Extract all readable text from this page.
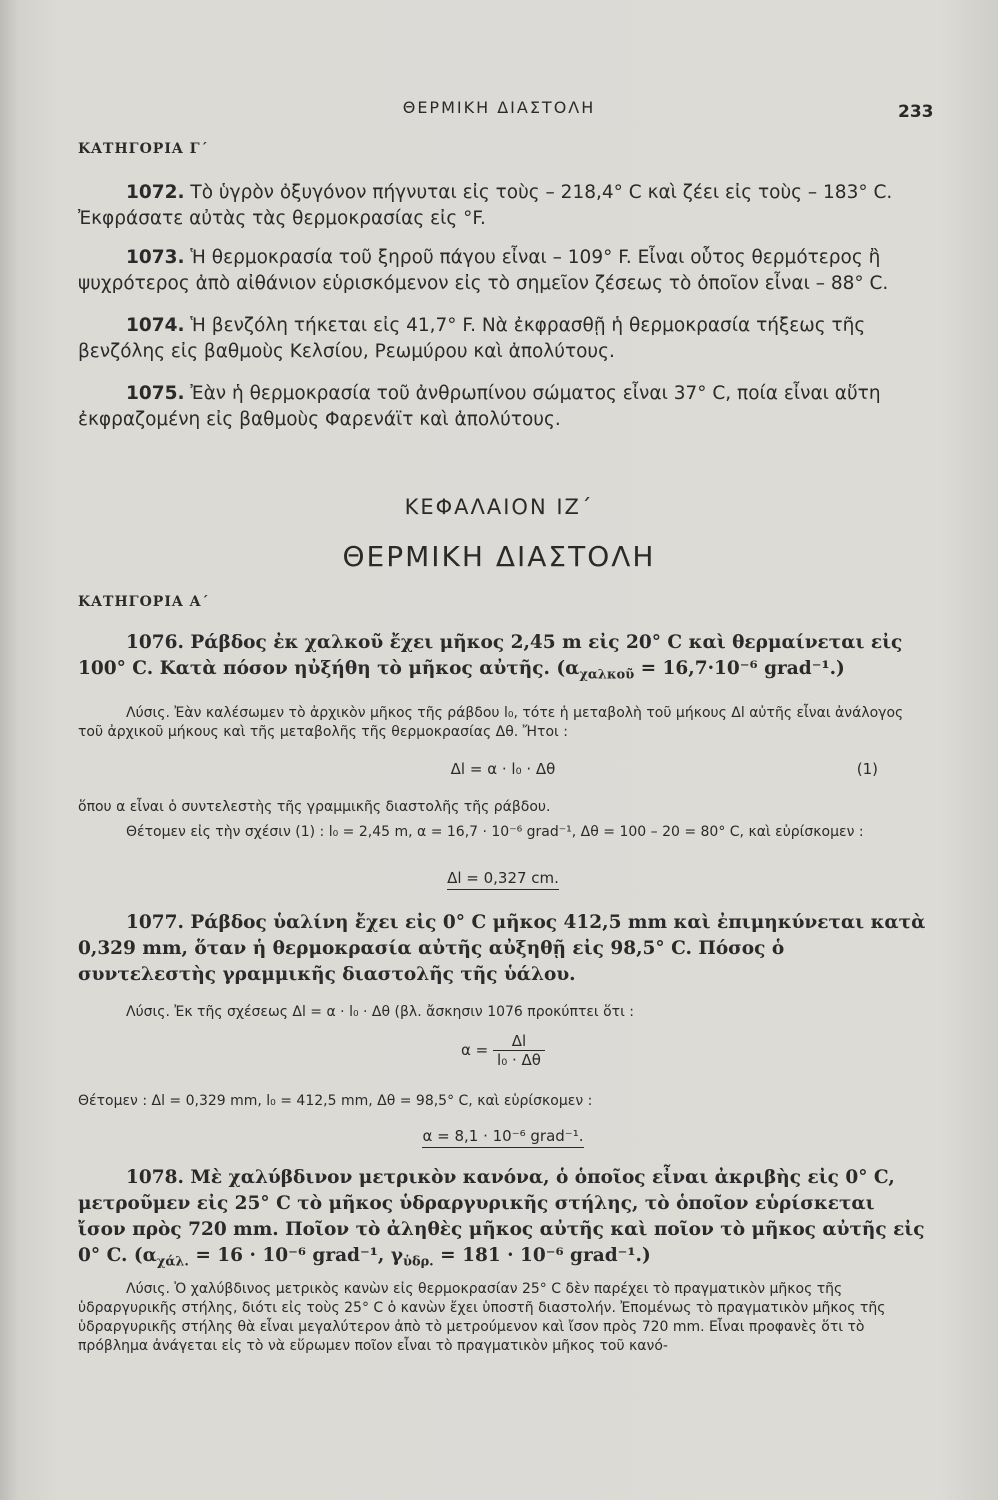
ΘΕΡΜΙΚΗ ΔΙΑΣΤΟΛΗ	233
ΚΑΤΗΓΟΡΙΑ Γ΄
1072. Τὸ ὑγρὸν ὀξυγόνον πήγνυται εἰς τοὺς – 218,4° C καὶ ζέει εἰς τοὺς – 183° C. Ἐκφράσατε αὐτὰς τὰς θερμοκρασίας εἰς °F.
1073. Ἡ θερμοκρασία τοῦ ξηροῦ πάγου εἶναι – 109° F. Εἶναι οὗτος θερμότερος ἢ ψυχρότερος ἀπὸ αἰθάνιον εὑρισκόμενον εἰς τὸ σημεῖον ζέσεως τὸ ὁποῖον εἶναι – 88° C.
1074. Ἡ βενζόλη τήκεται εἰς 41,7° F. Νὰ ἐκφρασθῇ ἡ θερμοκρασία τήξεως τῆς βενζόλης εἰς βαθμοὺς Κελσίου, Ρεωμύρου καὶ ἀπολύτους.
1075. Ἐὰν ἡ θερμοκρασία τοῦ ἀνθρωπίνου σώματος εἶναι 37° C, ποία εἶναι αὕτη ἐκφραζομένη εἰς βαθμοὺς Φαρενάϊτ καὶ ἀπολύτους.
ΚΕΦΑΛΑΙΟΝ ΙΖ΄
ΘΕΡΜΙΚΗ ΔΙΑΣΤΟΛΗ
ΚΑΤΗΓΟΡΙΑ Α΄
1076. Ράβδος ἐκ χαλκοῦ ἔχει μῆκος 2,45 m εἰς 20° C καὶ θερμαίνεται εἰς 100° C. Κατὰ πόσον ηὐξήθη τὸ μῆκος αὐτῆς. ($\alpha_{\chi\alpha\lambda\kappa oῦ} = 16,7\cdot 10^{-6}$ grad⁻¹.)
Λύσις. Ἐὰν καλέσωμεν τὸ ἀρχικὸν μῆκος τῆς ράβδου l₀, τότε ἡ μεταβολὴ τοῦ μήκους Δl αὐτῆς εἶναι ἀνάλογος τοῦ ἀρχικοῦ μήκους καὶ τῆς μεταβολῆς τῆς θερμοκρασίας Δθ. Ἤτοι :
Δl = α · l₀ · Δθ	(1)
ὅπου α εἶναι ὁ συντελεστὴς τῆς γραμμικῆς διαστολῆς τῆς ράβδου.
Θέτομεν εἰς τὴν σχέσιν (1) : l₀ = 2,45 m, α = 16,7 · 10⁻⁶ grad⁻¹, Δθ = 100 – 20 = 80° C, καὶ εὑρίσκομεν :
Δl = 0,327 cm.
1077. Ράβδος ὑαλίνη ἔχει εἰς 0° C μῆκος 412,5 mm καὶ ἐπιμηκύνεται κατὰ 0,329 mm, ὅταν ἡ θερμοκρασία αὐτῆς αὐξηθῇ εἰς 98,5° C. Πόσος ὁ συντελεστὴς γραμμικῆς διαστολῆς τῆς ὑάλου.
Λύσις. Ἐκ τῆς σχέσεως Δl = α · l₀ · Δθ (βλ. ἄσκησιν 1076 προκύπτει ὅτι :
$\alpha = \frac{\Delta l}{\text{l₀ · Δθ}}$
Θέτομεν : Δl = 0,329 mm, l₀ = 412,5 mm, Δθ = 98,5° C, καὶ εὑρίσκομεν :
α = 8,1 · 10⁻⁶ grad⁻¹.
1078. Μὲ χαλύβδινον μετρικὸν κανόνα, ὁ ὁποῖος εἶναι ἀκριβὴς εἰς 0° C, μετροῦμεν εἰς 25° C τὸ μῆκος ὑδραργυρικῆς στήλης, τὸ ὁποῖον εὑρίσκεται ἴσον πρὸς 720 mm. Ποῖον τὸ ἀληθὲς μῆκος αὐτῆς καὶ ποῖον τὸ μῆκος αὐτῆς εἰς 0° C. ($\alpha_{\chi ά\lambda.} = 16 \cdot 10^{-6}$ grad⁻¹, $\gamma_{ὑ\delta\rho.} = 181 \cdot 10^{-6}$ grad⁻¹.)
Λύσις. Ὁ χαλύβδινος μετρικὸς κανὼν εἰς θερμοκρασίαν 25° C δὲν παρέχει τὸ πραγματικὸν μῆκος τῆς ὑδραργυρικῆς στήλης, διότι εἰς τοὺς 25° C ὁ κανὼν ἔχει ὑποστῆ διαστολήν. Ἐπομένως τὸ πραγματικὸν μῆκος τῆς ὑδραργυρικῆς στήλης θὰ εἶναι μεγαλύτερον ἀπὸ τὸ μετρούμενον καὶ ἴσον πρὸς 720 mm. Εἶναι προφανὲς ὅτι τὸ πρόβλημα ἀνάγεται εἰς τὸ νὰ εὕρωμεν ποῖον εἶναι τὸ πραγματικὸν μῆκος τοῦ κανό-
